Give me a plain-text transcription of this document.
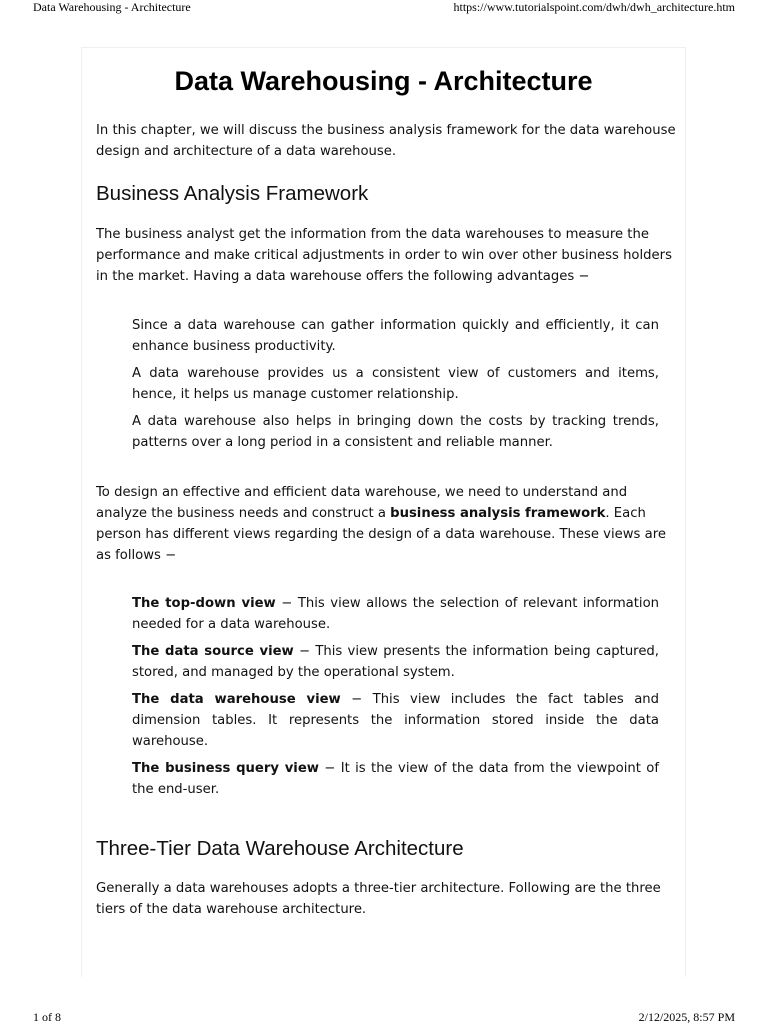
Data Warehousing - Architecture	https://www.tutorialspoint.com/dwh/dwh_architecture.htm
Data Warehousing - Architecture

In this chapter, we will discuss the business analysis framework for the data warehouse design and architecture of a data warehouse.

Business Analysis Framework

The business analyst get the information from the data warehouses to measure the performance and make critical adjustments in order to win over other business holders in the market. Having a data warehouse offers the following advantages −

Since a data warehouse can gather information quickly and efficiently, it can enhance business productivity.
A data warehouse provides us a consistent view of customers and items, hence, it helps us manage customer relationship.
A data warehouse also helps in bringing down the costs by tracking trends, patterns over a long period in a consistent and reliable manner.

To design an effective and efficient data warehouse, we need to understand and analyze the business needs and construct a business analysis framework. Each person has different views regarding the design of a data warehouse. These views are as follows −

The top-down view − This view allows the selection of relevant information needed for a data warehouse.
The data source view − This view presents the information being captured, stored, and managed by the operational system.
The data warehouse view − This view includes the fact tables and dimension tables. It represents the information stored inside the data warehouse.
The business query view − It is the view of the data from the viewpoint of the end-user.
Three-Tier Data Warehouse Architecture

Generally a data warehouses adopts a three-tier architecture. Following are the three tiers of the data warehouse architecture.

1 of 8	2/12/2025, 8:57 PM
